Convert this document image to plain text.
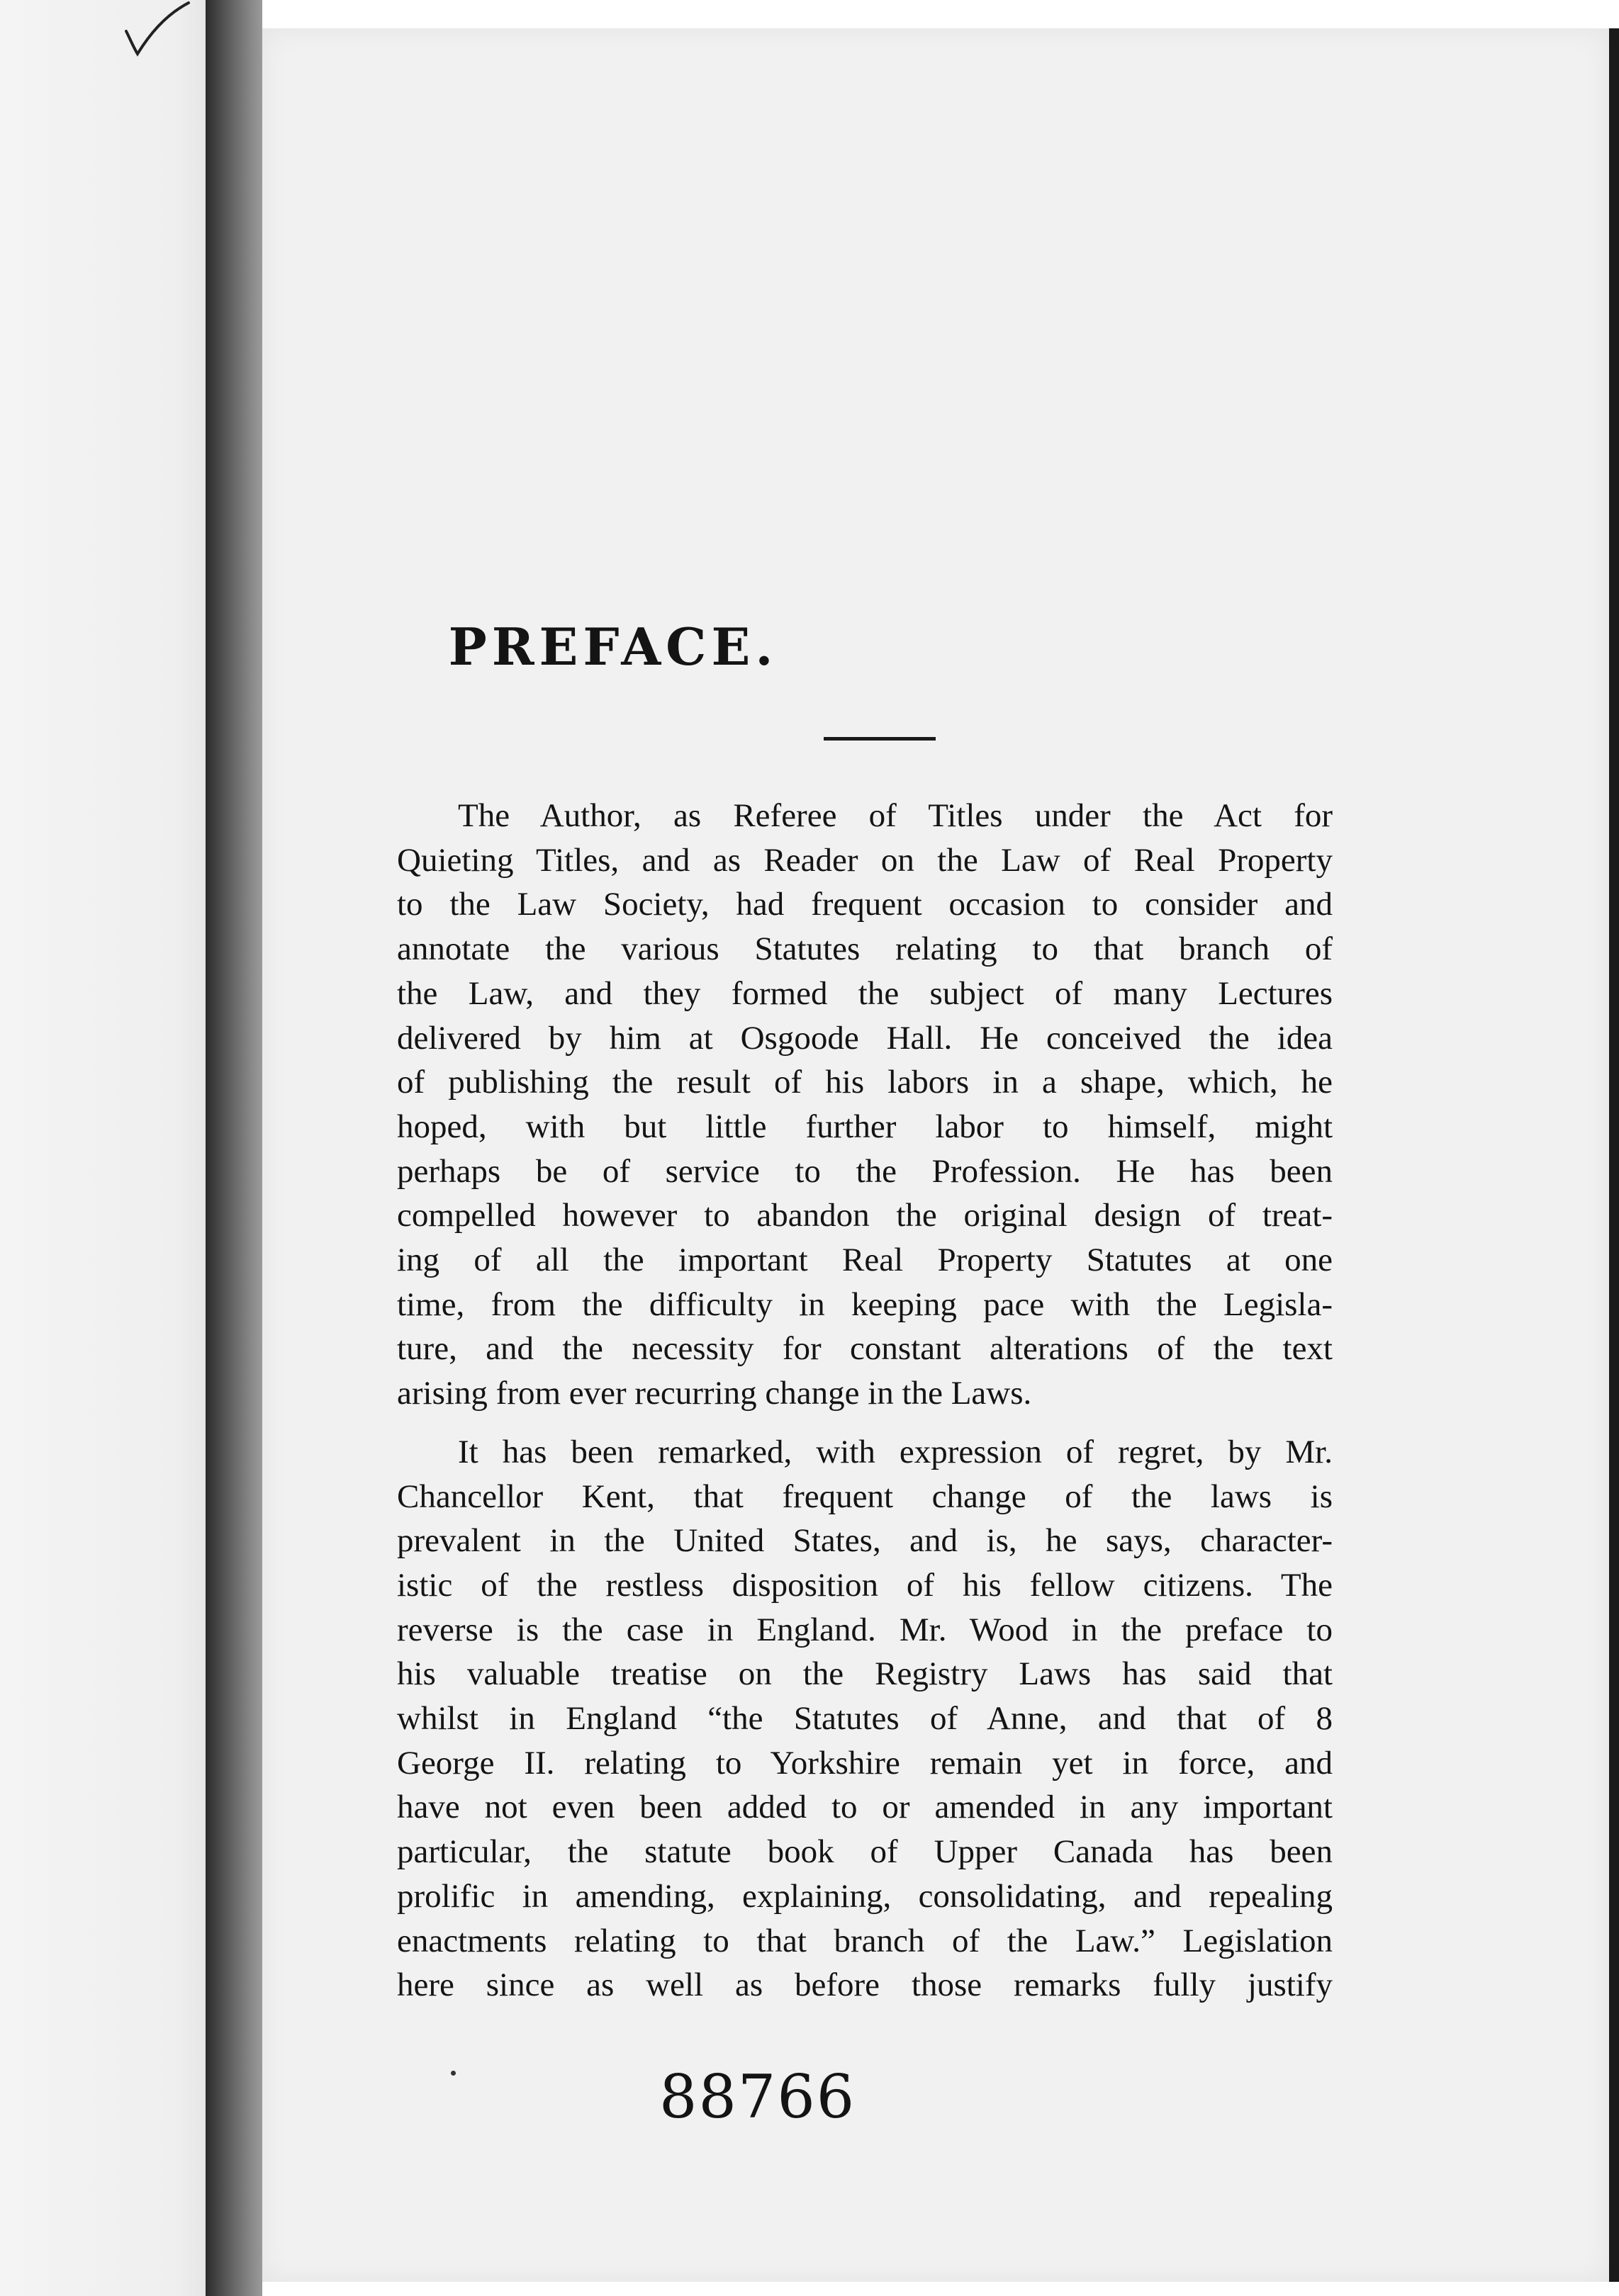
PREFACE.
The Author, as Referee of Titles under the Act for
Quieting Titles, and as Reader on the Law of Real Property
to the Law Society, had frequent occasion to consider and
annotate the various Statutes relating to that branch of
the Law, and they formed the subject of many Lectures
delivered by him at Osgoode Hall. He conceived the idea
of publishing the result of his labors in a shape, which, he
hoped, with but little further labor to himself, might
perhaps be of service to the Profession. He has been
compelled however to abandon the original design of treat-
ing of all the important Real Property Statutes at one
time, from the difficulty in keeping pace with the Legisla-
ture, and the necessity for constant alterations of the text
arising from ever recurring change in the Laws.
It has been remarked, with expression of regret, by Mr.
Chancellor Kent, that frequent change of the laws is
prevalent in the United States, and is, he says, character-
istic of the restless disposition of his fellow citizens. The
reverse is the case in England. Mr. Wood in the preface to
his valuable treatise on the Registry Laws has said that
whilst in England “the Statutes of Anne, and that of 8
George II. relating to Yorkshire remain yet in force, and
have not even been added to or amended in any important
particular, the statute book of Upper Canada has been
prolific in amending, explaining, consolidating, and repealing
enactments relating to that branch of the Law.” Legislation
here since as well as before those remarks fully justify
88766
